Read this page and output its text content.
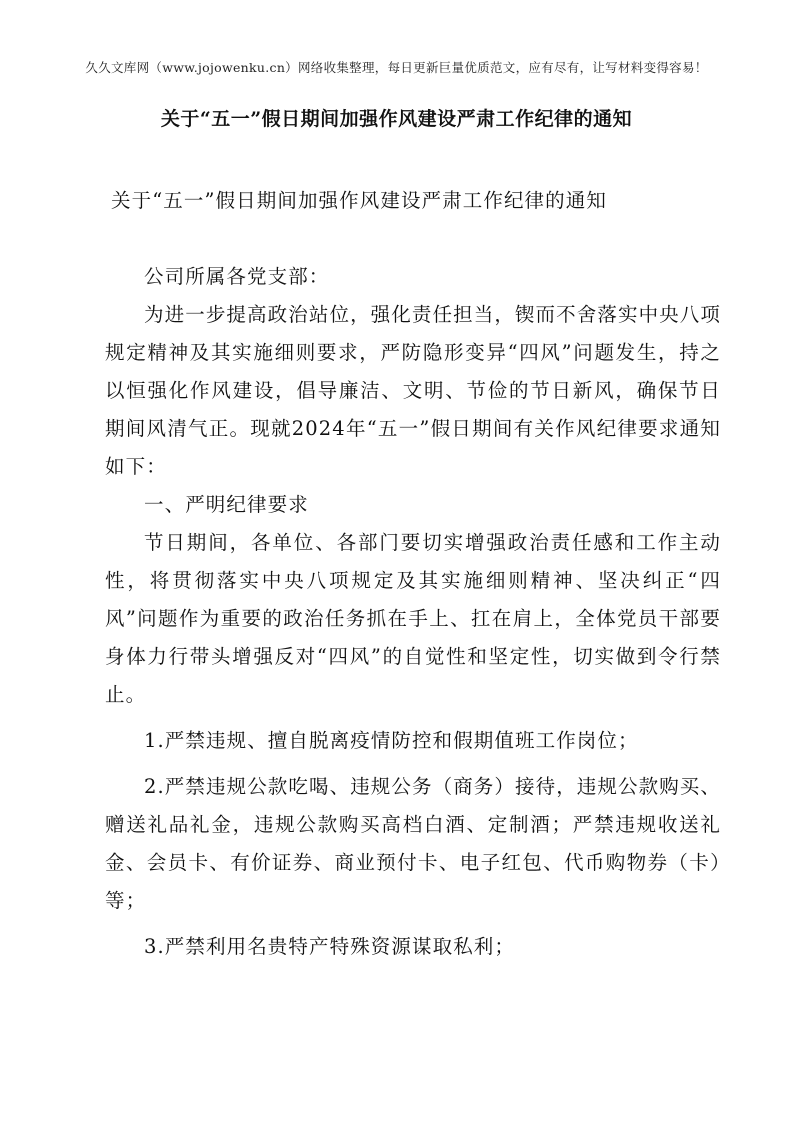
久久文库网（www.jojowenku.cn）网络收集整理，每日更新巨量优质范文，应有尽有，让写材料变得容易！
关于“五一”假日期间加强作风建设严肃工作纪律的通知

关于“五一”假日期间加强作风建设严肃工作纪律的通知

公司所属各党支部：

为进一步提高政治站位，强化责任担当，锲而不舍落实中央八项规定精神及其实施细则要求，严防隐形变异“四风”问题发生，持之以恒强化作风建设，倡导廉洁、文明、节俭的节日新风，确保节日期间风清气正。现就2024年“五一”假日期间有关作风纪律要求通知如下：

一、严明纪律要求

节日期间，各单位、各部门要切实增强政治责任感和工作主动性，将贯彻落实中央八项规定及其实施细则精神、坚决纠正“四风”问题作为重要的政治任务抓在手上、扛在肩上，全体党员干部要身体力行带头增强反对“四风”的自觉性和坚定性，切实做到令行禁止。

1.严禁违规、擅自脱离疫情防控和假期值班工作岗位；

2.严禁违规公款吃喝、违规公务（商务）接待，违规公款购买、赠送礼品礼金，违规公款购买高档白酒、定制酒；严禁违规收送礼金、会员卡、有价证券、商业预付卡、电子红包、代币购物券（卡）等；

3.严禁利用名贵特产特殊资源谋取私利；
